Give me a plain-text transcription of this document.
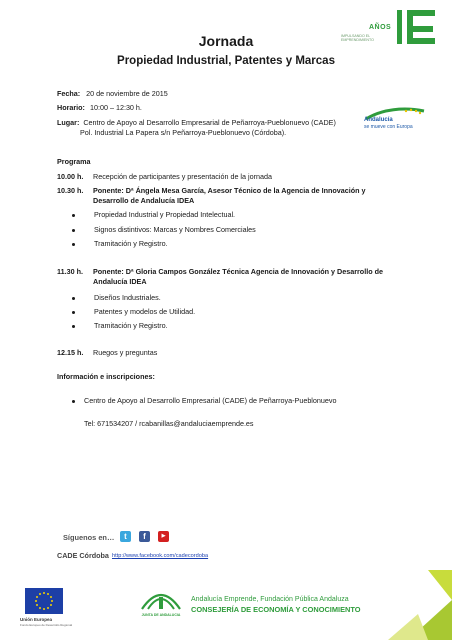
AÑOS
IMPULSANDO EL EMPRENDIMIENTO
Jornada
Propiedad Industrial, Patentes y Marcas
Fecha: 20 de noviembre de 2015
Horario: 10:00 – 12:30 h.
Lugar: Centro de Apoyo al Desarrollo Empresarial de Peñarroya-Pueblonuevo (CADE)
Pol. Industrial La Papera s/n Peñarroya-Pueblonuevo (Córdoba).
Andalucía
se mueve con Europa
Programa
10.00 h. Recepción de participantes y presentación de la jornada
10.30 h. Ponente: Dª Ángela Mesa García, Asesor Técnico de la Agencia de Innovación y
Desarrollo de Andalucía IDEA
Propiedad Industrial y Propiedad Intelectual.
Signos distintivos: Marcas y Nombres Comerciales
Tramitación y Registro.
11.30 h. Ponente: Dª Gloria Campos González Técnica Agencia de Innovación y Desarrollo de
Andalucía IDEA
Diseños Industriales.
Patentes y modelos de Utilidad.
Tramitación y Registro.
12.15 h. Ruegos y preguntas
Información e inscripciones:
Centro de Apoyo al Desarrollo Empresarial (CADE) de Peñarroya-Pueblonuevo
Tel: 671534207 / rcabanillas@andaluciaemprende.es
Síguenos en…	t	f	▶
CADE Córdoba http://www.facebook.com/cadecordoba
Unión Europea
Fondo Europeo de Desarrollo Regional
JUNTA DE ANDALUCIA
Andalucía Emprende, Fundación Pública Andaluza
CONSEJERÍA DE ECONOMÍA Y CONOCIMIENTO
